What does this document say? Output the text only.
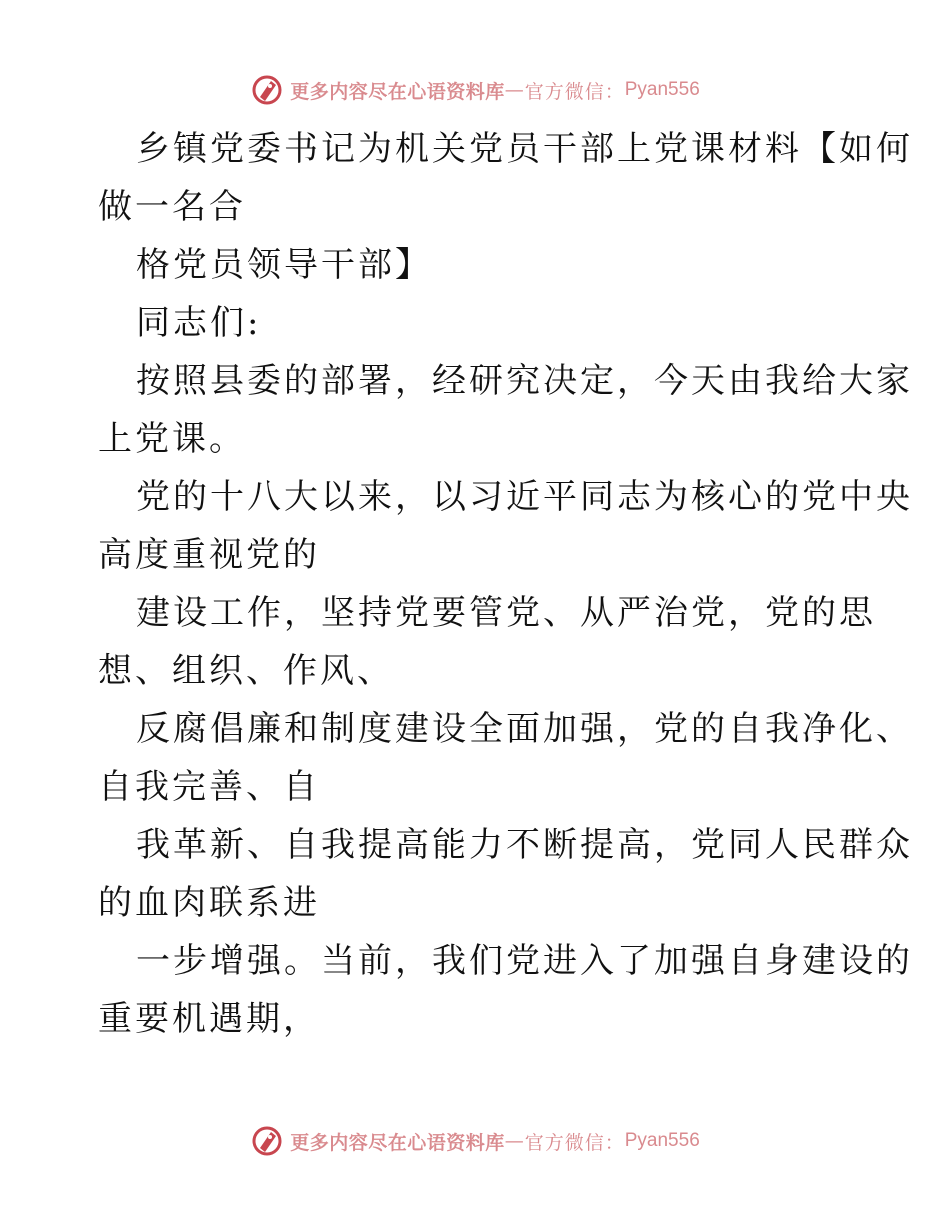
更多内容尽在心语资料库 — 官方微信： Pyan556
乡镇党委书记为机关党员干部上党课材料【如何
做一名合
格党员领导干部】
同志们:
按照县委的部署，经研究决定，今天由我给大家
上党课。
党的十八大以来，以习近平同志为核心的党中央
高度重视党的
建设工作，坚持党要管党、从严治党，党的思
想、组织、作风、
反腐倡廉和制度建设全面加强，党的自我净化、
自我完善、自
我革新、自我提高能力不断提高，党同人民群众
的血肉联系进
一步增强。当前，我们党进入了加强自身建设的
重要机遇期，
更多内容尽在心语资料库 — 官方微信： Pyan556
